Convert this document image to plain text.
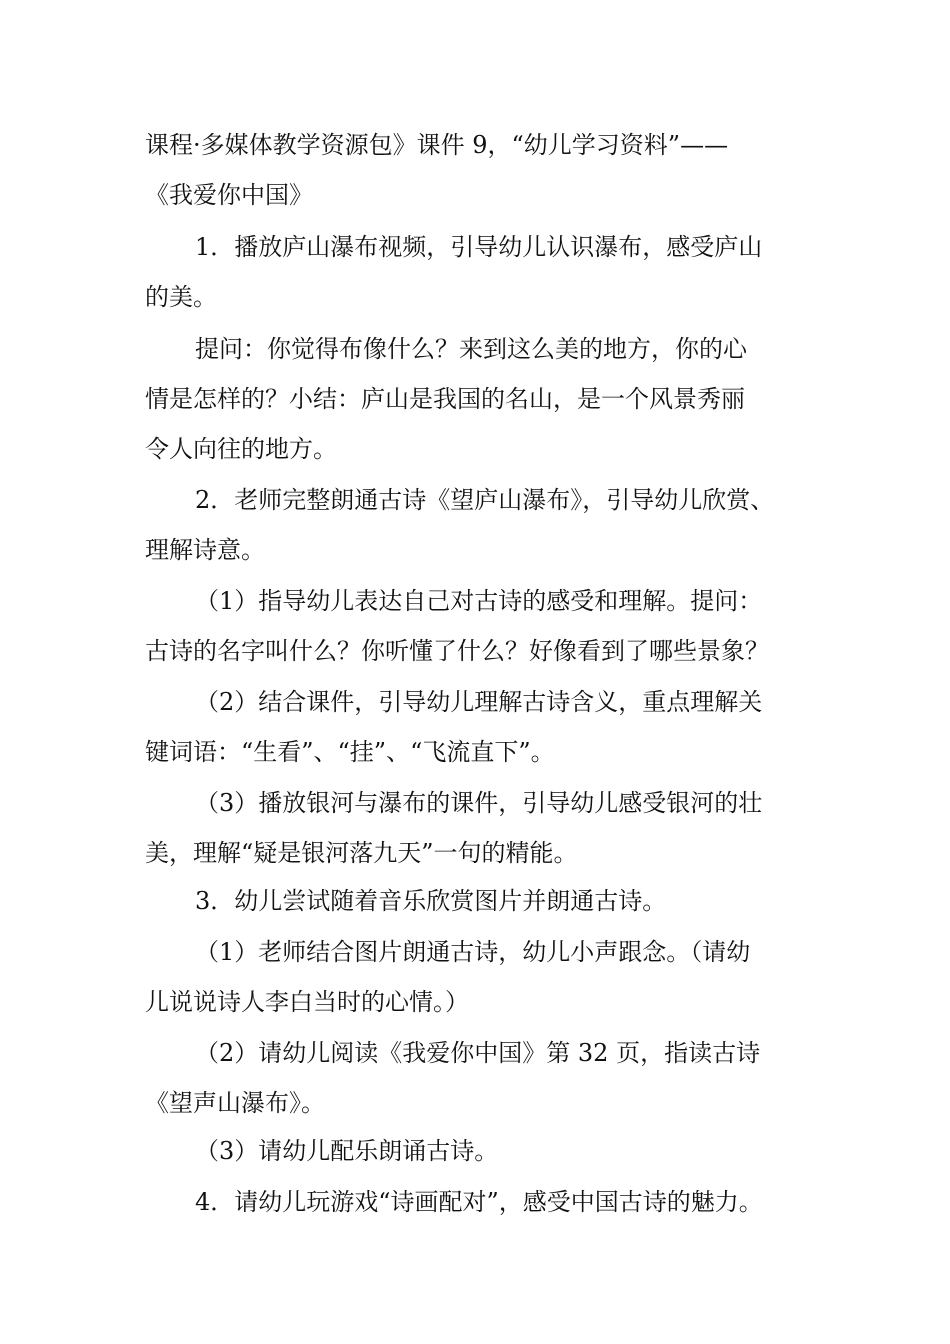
课程·多媒体教学资源包》课件 9，“幼儿学习资料”——
《我爱你中国》
1．播放庐山瀑布视频，引导幼儿认识瀑布，感受庐山
的美。
提问：你觉得布像什么？来到这么美的地方，你的心
情是怎样的？小结：庐山是我国的名山，是一个风景秀丽
令人向往的地方。
2．老师完整朗通古诗《望庐山瀑布》，引导幼儿欣赏、
理解诗意。
（1）指导幼儿表达自己对古诗的感受和理解。提问：
古诗的名字叫什么？你听懂了什么？好像看到了哪些景象？
（2）结合课件，引导幼儿理解古诗含义，重点理解关
键词语：“生看”、“挂”、“飞流直下”。
（3）播放银河与瀑布的课件，引导幼儿感受银河的壮
美，理解“疑是银河落九天”一句的精能。
3．幼儿尝试随着音乐欣赏图片并朗通古诗。
（1）老师结合图片朗通古诗，幼儿小声跟念。（请幼
儿说说诗人李白当时的心情。）
（2）请幼儿阅读《我爱你中国》第 32 页，指读古诗
《望声山瀑布》。
（3）请幼儿配乐朗诵古诗。
4．请幼儿玩游戏“诗画配对”，感受中国古诗的魅力。
